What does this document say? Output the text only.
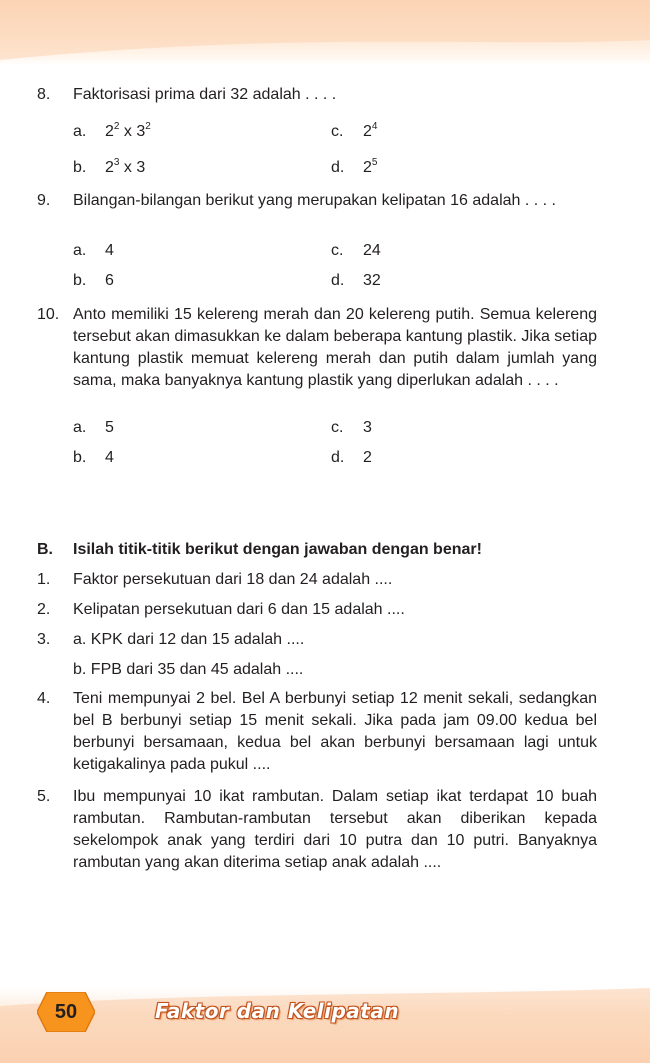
8.	Faktorisasi prima dari 32 adalah . . . .
a. $2^2$ x $3^2$
b. $2^3$ x 3
c. $2^4$
d. $2^5$
9.	Bilangan-bilangan berikut yang merupakan kelipatan 16 adalah . . . .
a. 4
b. 6
c. 24
d. 32
10. Anto memiliki 15 kelereng merah dan 20 kelereng putih. Semua kelereng tersebut akan dimasukkan ke dalam beberapa kantung plastik. Jika setiap kantung plastik memuat kelereng merah dan putih dalam jumlah yang sama, maka banyaknya kantung plastik yang diperlukan adalah . . . .
a. 5
b. 4
c. 3
d. 2
B. Isilah titik-titik berikut dengan jawaban dengan benar!
1.	Faktor persekutuan dari 18 dan 24 adalah ....
2.	Kelipatan persekutuan dari 6 dan 15 adalah ....
3.	a. KPK dari 12 dan 15 adalah ....
b. FPB dari 35 dan 45 adalah ....
4.	Teni mempunyai 2 bel. Bel A berbunyi setiap 12 menit sekali, sedangkan bel B berbunyi setiap 15 menit sekali. Jika pada jam 09.00 kedua bel berbunyi bersamaan, kedua bel akan berbunyi bersamaan lagi untuk ketigakalinya pada pukul ....
5.	Ibu mempunyai 10 ikat rambutan. Dalam setiap ikat terdapat 10 buah rambutan. Rambutan-rambutan tersebut akan diberikan kepada sekelompok anak yang terdiri dari 10 putra dan 10 putri. Banyaknya rambutan yang akan diterima setiap anak adalah ....
50	Faktor dan Kelipatan
